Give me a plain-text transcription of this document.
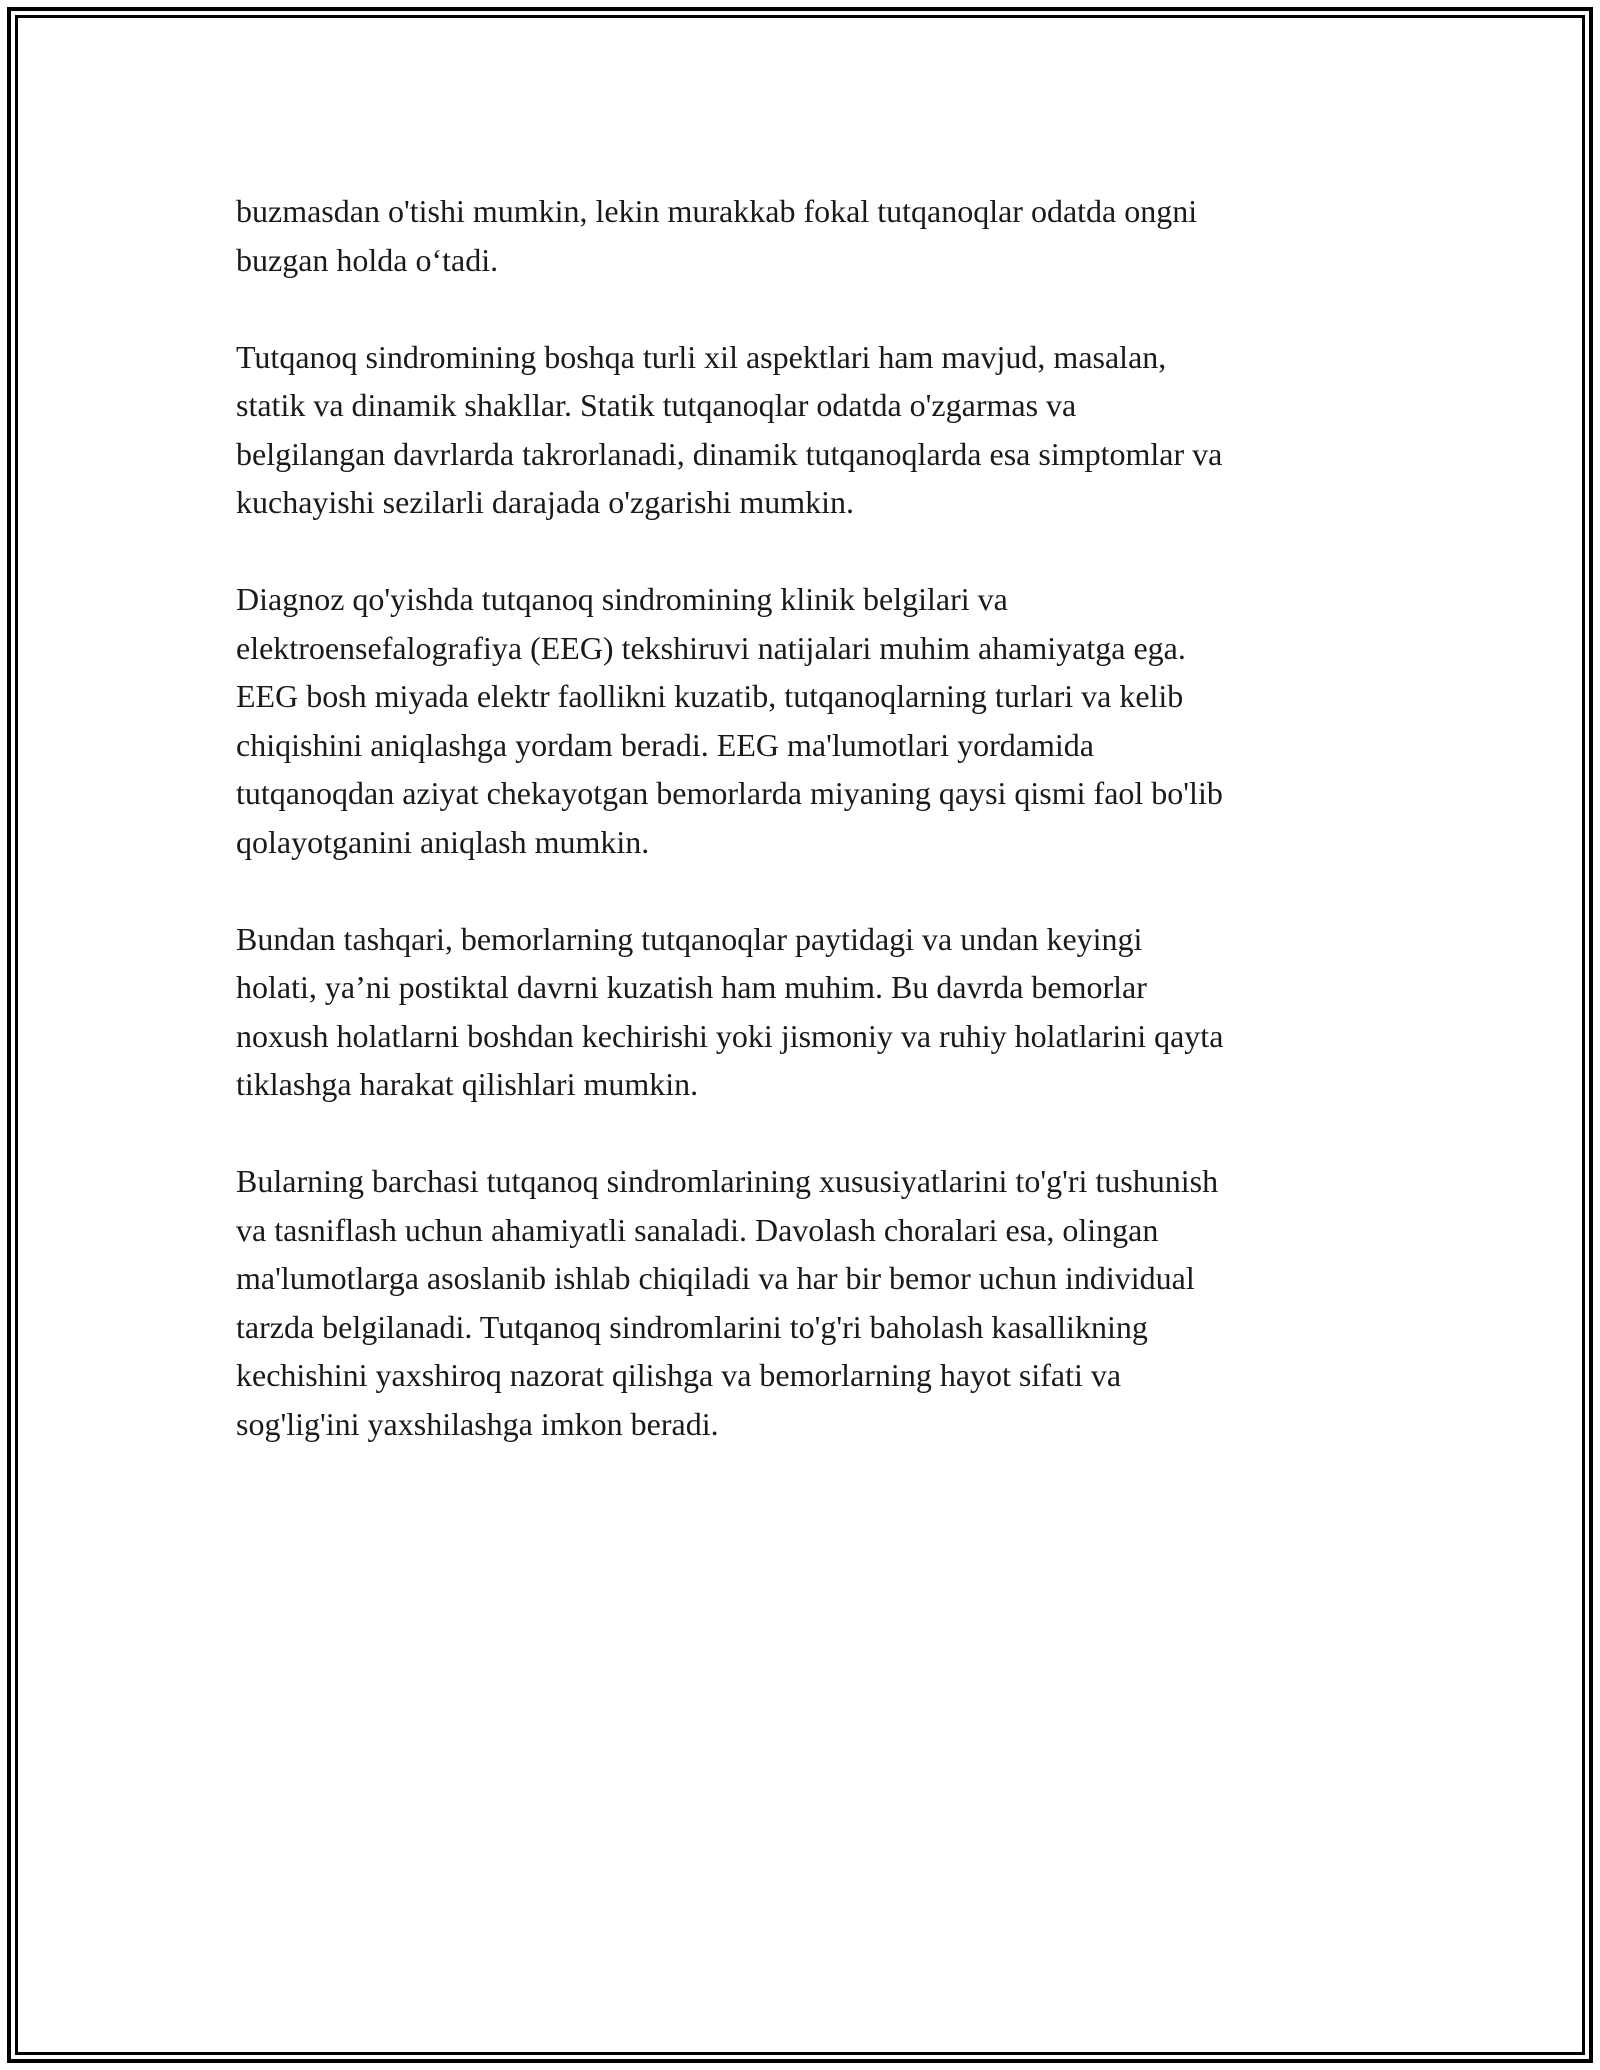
buzmasdan o'tishi mumkin, lekin murakkab fokal tutqanoqlar odatda ongni
buzgan holda o‘tadi.

Tutqanoq sindromining boshqa turli xil aspektlari ham mavjud, masalan,
statik va dinamik shakllar. Statik tutqanoqlar odatda o'zgarmas va
belgilangan davrlarda takrorlanadi, dinamik tutqanoqlarda esa simptomlar va
kuchayishi sezilarli darajada o'zgarishi mumkin.

Diagnoz qo'yishda tutqanoq sindromining klinik belgilari va
elektroensefalografiya (EEG) tekshiruvi natijalari muhim ahamiyatga ega.
EEG bosh miyada elektr faollikni kuzatib, tutqanoqlarning turlari va kelib
chiqishini aniqlashga yordam beradi. EEG ma'lumotlari yordamida
tutqanoqdan aziyat chekayotgan bemorlarda miyaning qaysi qismi faol bo'lib
qolayotganini aniqlash mumkin.

Bundan tashqari, bemorlarning tutqanoqlar paytidagi va undan keyingi
holati, ya’ni postiktal davrni kuzatish ham muhim. Bu davrda bemorlar
noxush holatlarni boshdan kechirishi yoki jismoniy va ruhiy holatlarini qayta
tiklashga harakat qilishlari mumkin.

Bularning barchasi tutqanoq sindromlarining xususiyatlarini to'g'ri tushunish
va tasniflash uchun ahamiyatli sanaladi. Davolash choralari esa, olingan
ma'lumotlarga asoslanib ishlab chiqiladi va har bir bemor uchun individual
tarzda belgilanadi. Tutqanoq sindromlarini to'g'ri baholash kasallikning
kechishini yaxshiroq nazorat qilishga va bemorlarning hayot sifati va
sog'lig'ini yaxshilashga imkon beradi.
